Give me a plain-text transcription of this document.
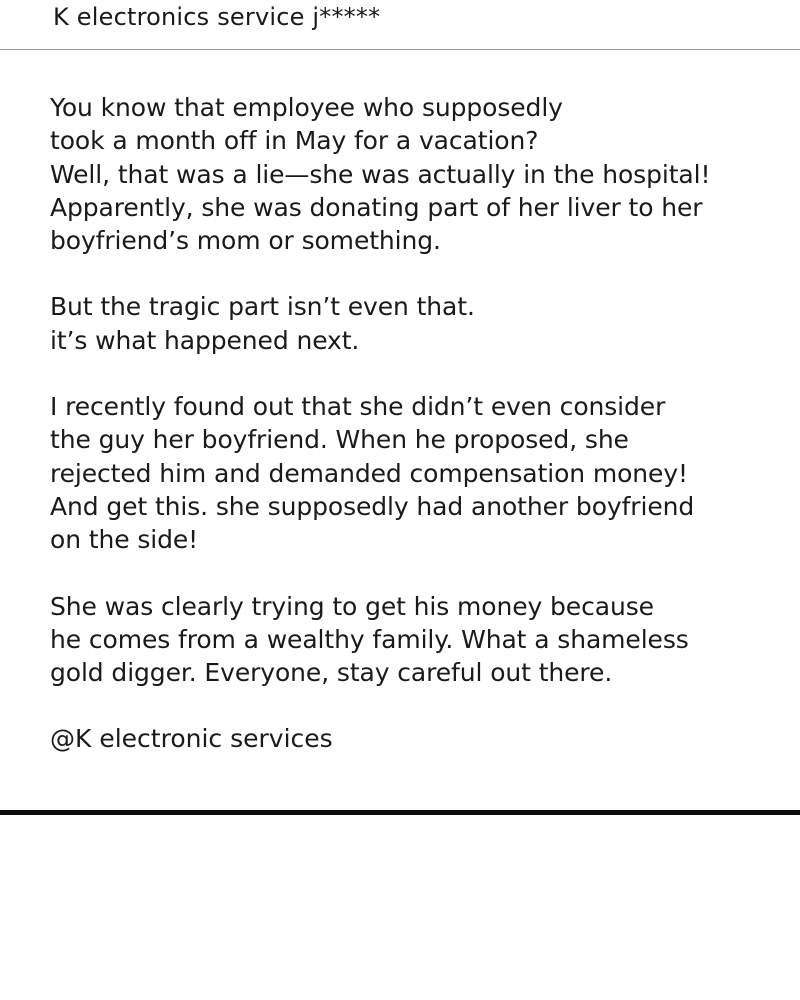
K electronics service j*****

You know that employee who supposedly
took a month off in May for a vacation?
Well, that was a lie—she was actually in the hospital!
Apparently, she was donating part of her liver to her
boyfriend’s mom or something.

But the tragic part isn’t even that.
it’s what happened next.

I recently found out that she didn’t even consider
the guy her boyfriend. When he proposed, she
rejected him and demanded compensation money!
And get this. she supposedly had another boyfriend
on the side!

She was clearly trying to get his money because
he comes from a wealthy family. What a shameless
gold digger. Everyone, stay careful out there.

@K electronic services
